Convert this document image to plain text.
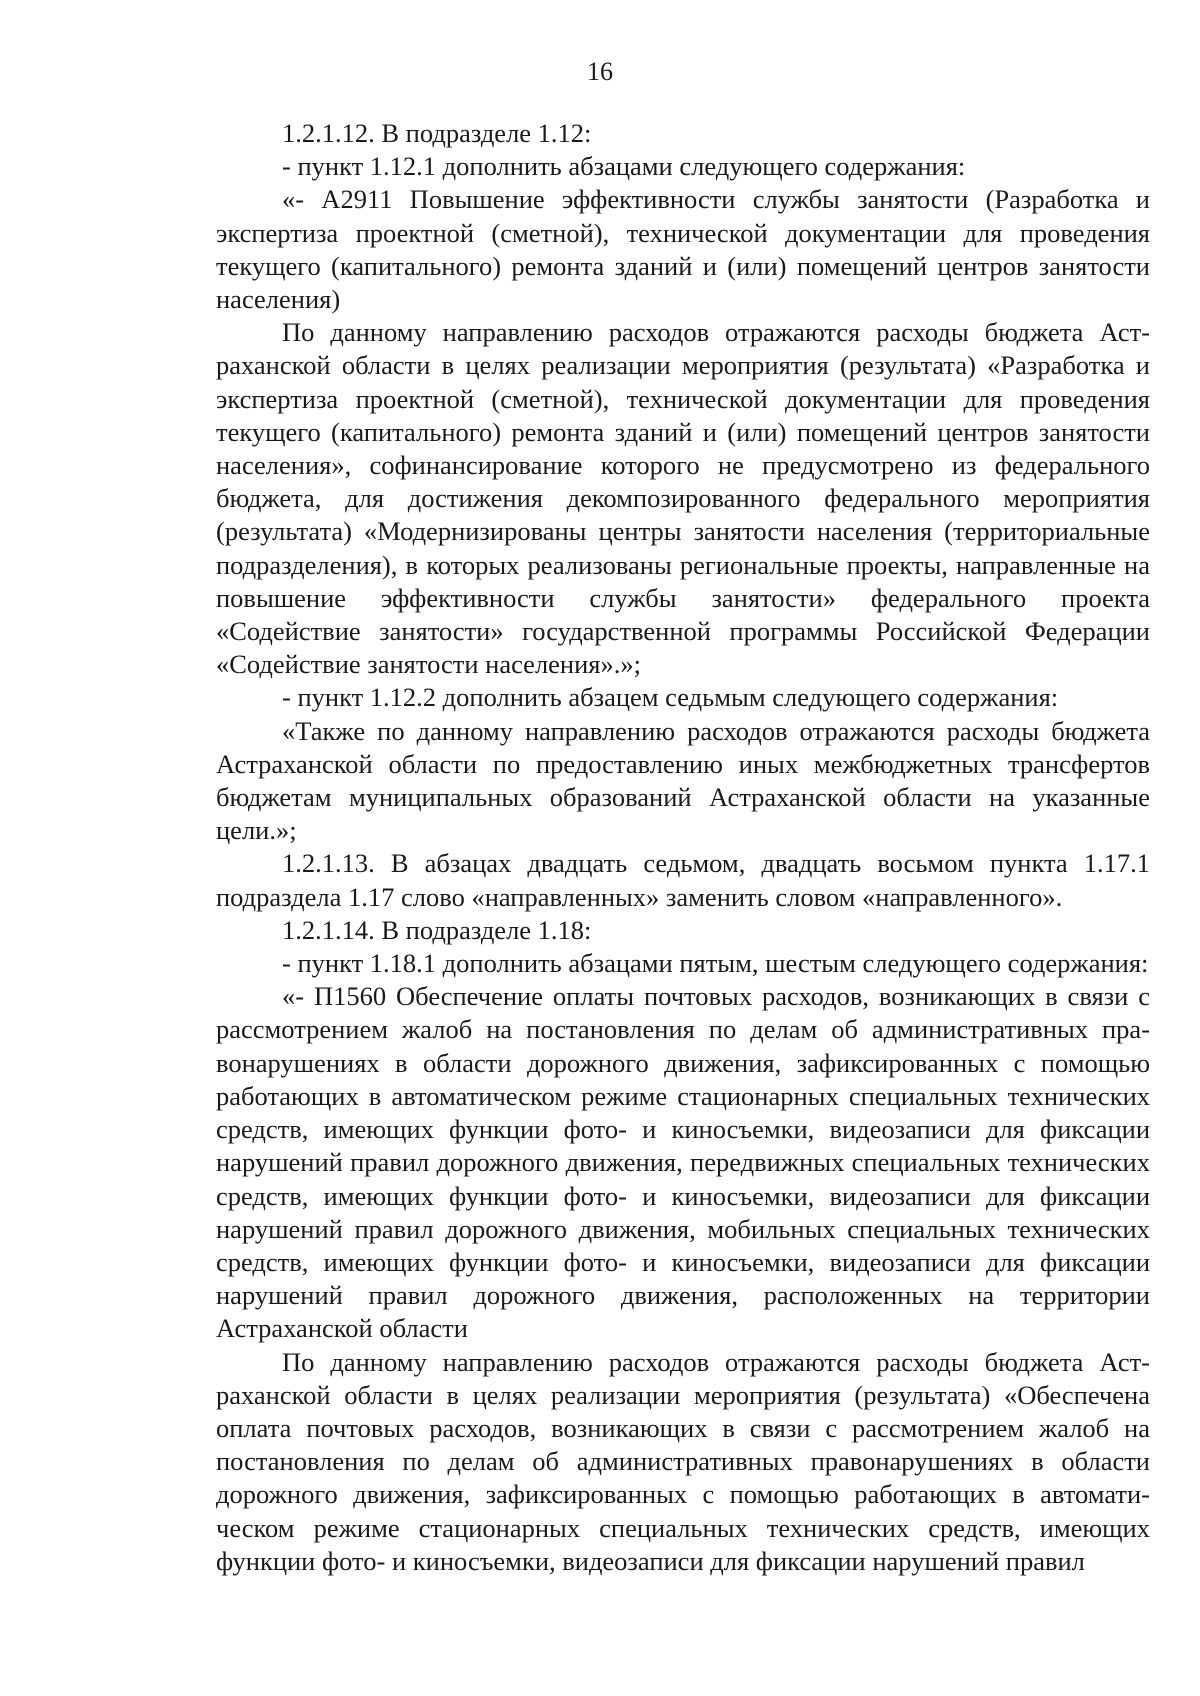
16

1.2.1.12. В подразделе 1.12:

- пункт 1.12.1 дополнить абзацами следующего содержания:

«- А2911 Повышение эффективности службы занятости (Разработка и экспертиза проектной (сметной), технической документации для проведения текущего (капитального) ремонта зданий и (или) помещений центров занятости населения)

По данному направлению расходов отражаются расходы бюджета Астраханской области в целях реализации мероприятия (результата) «Разработка и экспертиза проектной (сметной), технической документации для проведения текущего (капитального) ремонта зданий и (или) помещений центров занятости населения», софинансирование которого не предусмотрено из федерального бюджета, для достижения декомпозированного федерального мероприятия (результата) «Модернизированы центры занятости населения (территориальные подразделения), в которых реализованы региональные проекты, направленные на повышение эффективности службы занятости» федерального проекта «Содействие занятости» государственной программы Российской Федерации «Содействие занятости населения».»;

- пункт 1.12.2 дополнить абзацем седьмым следующего содержания:

«Также по данному направлению расходов отражаются расходы бюджета Астраханской области по предоставлению иных межбюджетных трансфертов бюджетам муниципальных образований Астраханской области на указанные цели.»;

1.2.1.13. В абзацах двадцать седьмом, двадцать восьмом пункта 1.17.1 подраздела 1.17 слово «направленных» заменить словом «направленного».

1.2.1.14. В подразделе 1.18:

- пункт 1.18.1 дополнить абзацами пятым, шестым следующего содержания:

«- П1560 Обеспечение оплаты почтовых расходов, возникающих в связи с рассмотрением жалоб на постановления по делам об административных правонарушениях в области дорожного движения, зафиксированных с помощью работающих в автоматическом режиме стационарных специальных технических средств, имеющих функции фото- и киносъемки, видеозаписи для фиксации нарушений правил дорожного движения, передвижных специальных технических средств, имеющих функции фото- и киносъемки, видеозаписи для фиксации нарушений правил дорожного движения, мобильных специальных технических средств, имеющих функции фото- и киносъемки, видеозаписи для фиксации нарушений правил дорожного движения, расположенных на территории Астраханской области

По данному направлению расходов отражаются расходы бюджета Астраханской области в целях реализации мероприятия (результата) «Обеспечена оплата почтовых расходов, возникающих в связи с рассмотрением жалоб на постановления по делам об административных правонарушениях в области дорожного движения, зафиксированных с помощью работающих в автоматическом режиме стационарных специальных технических средств, имеющих функции фото- и киносъемки, видеозаписи для фиксации нарушений правил
